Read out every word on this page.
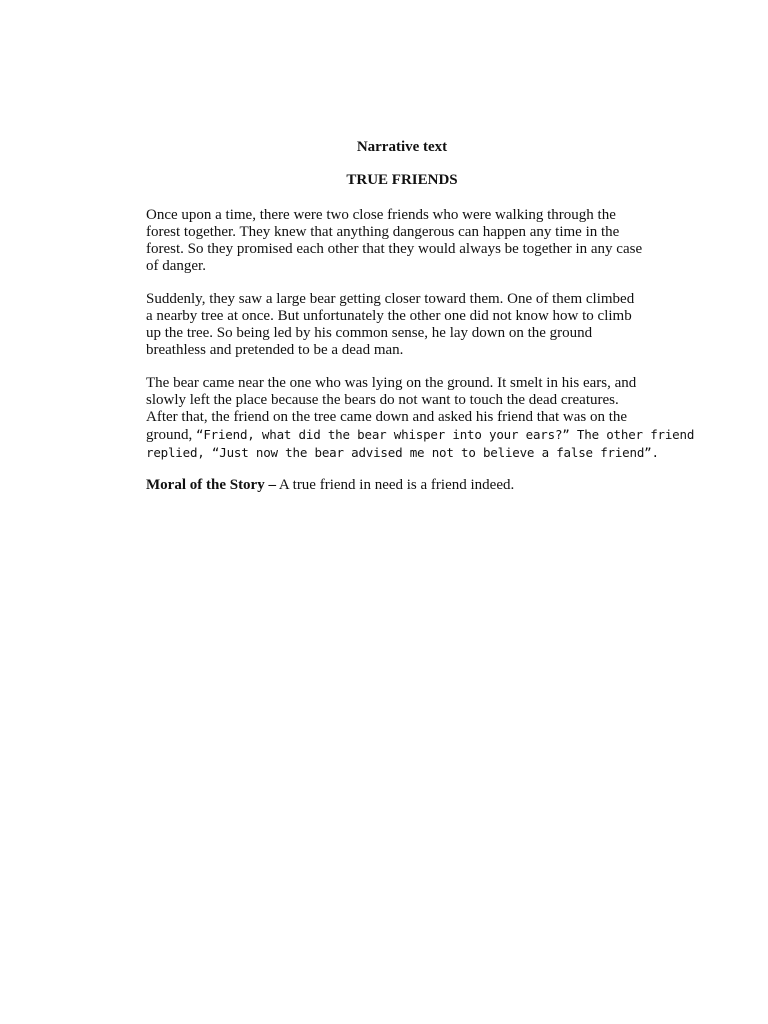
Narrative text

TRUE FRIENDS

Once upon a time, there were two close friends who were walking through the
forest together. They knew that anything dangerous can happen any time in the
forest. So they promised each other that they would always be together in any case
of danger.

Suddenly, they saw a large bear getting closer toward them. One of them climbed
a nearby tree at once. But unfortunately the other one did not know how to climb
up the tree. So being led by his common sense, he lay down on the ground
breathless and pretended to be a dead man.

The bear came near the one who was lying on the ground. It smelt in his ears, and
slowly left the place because the bears do not want to touch the dead creatures.
After that, the friend on the tree came down and asked his friend that was on the
ground, “Friend, what did the bear whisper into your ears?” The other friend
replied, “Just now the bear advised me not to believe a false friend”.

Moral of the Story – A true friend in need is a friend indeed.
